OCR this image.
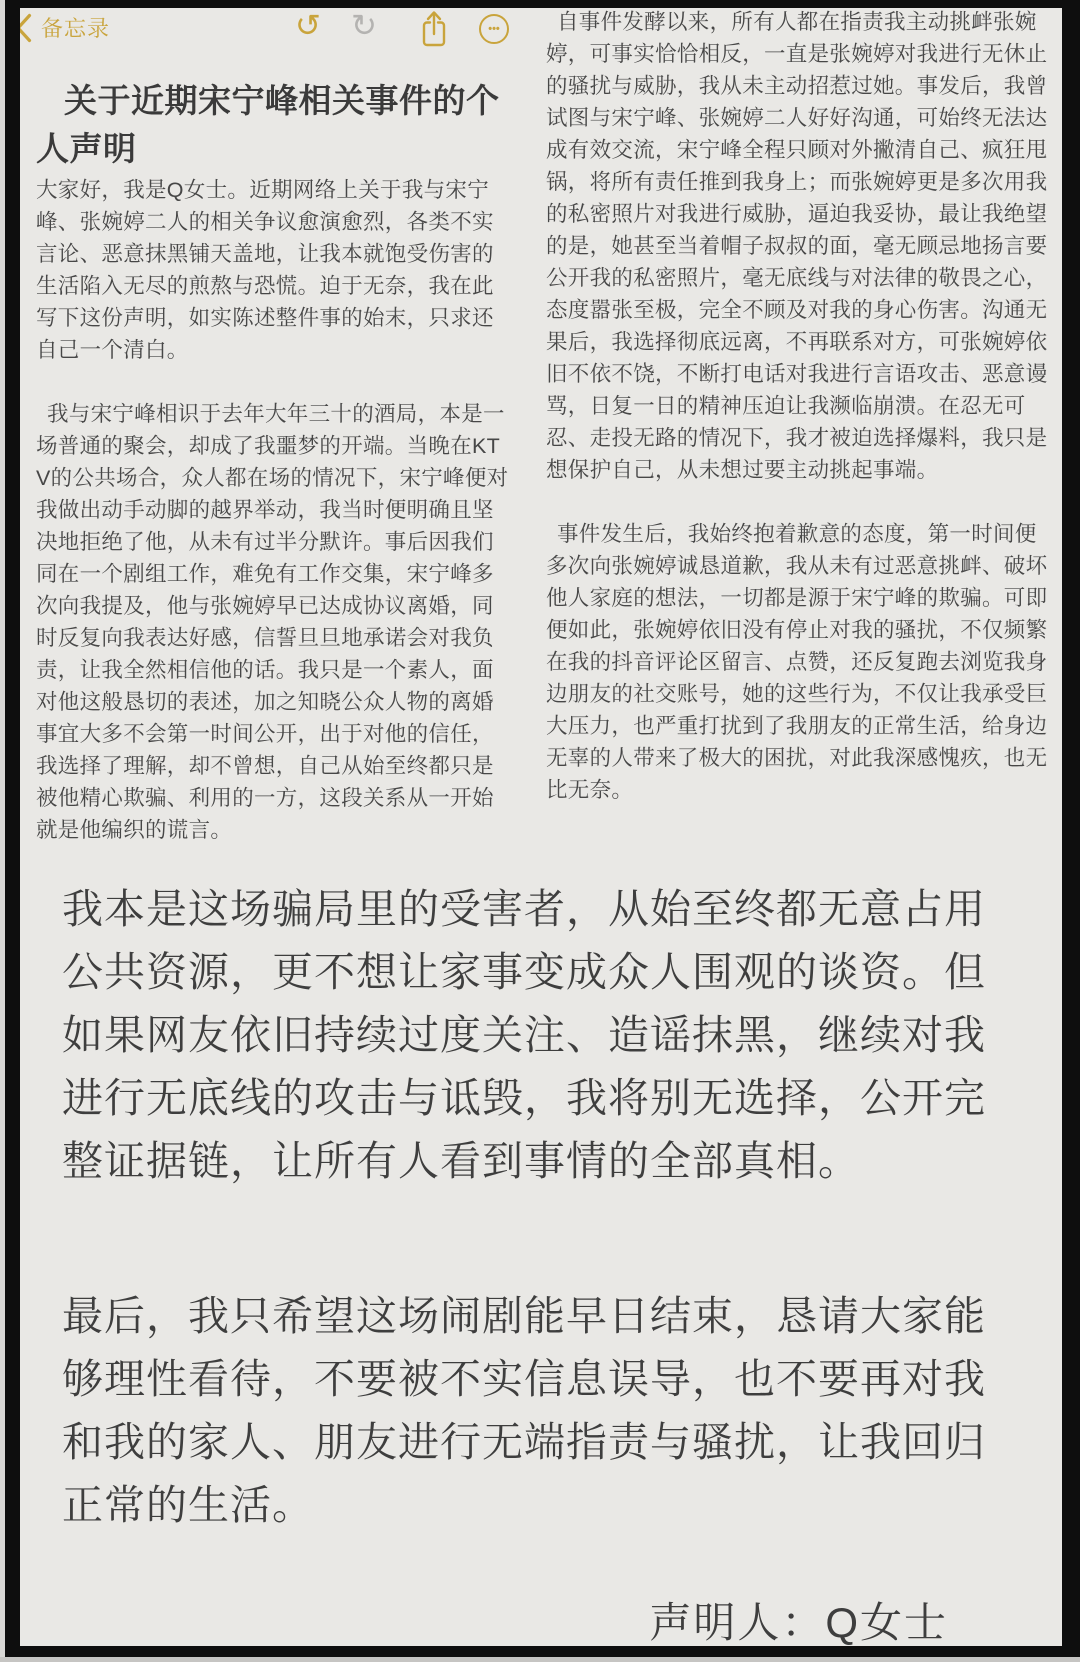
备忘录	↺ ↻	•••
关于近期宋宁峰相关事件的个人声明

大家好，我是Q女士。近期网络上关于我与宋宁峰、张婉婷二人的相关争议愈演愈烈，各类不实言论、恶意抹黑铺天盖地，让我本就饱受伤害的生活陷入无尽的煎熬与恐慌。迫于无奈，我在此写下这份声明，如实陈述整件事的始末，只求还自己一个清白。

我与宋宁峰相识于去年大年三十的酒局，本是一场普通的聚会，却成了我噩梦的开端。当晚在KTV的公共场合，众人都在场的情况下，宋宁峰便对我做出动手动脚的越界举动，我当时便明确且坚决地拒绝了他，从未有过半分默许。事后因我们同在一个剧组工作，难免有工作交集，宋宁峰多次向我提及，他与张婉婷早已达成协议离婚，同时反复向我表达好感，信誓旦旦地承诺会对我负责，让我全然相信他的话。我只是一个素人，面对他这般恳切的表述，加之知晓公众人物的离婚事宜大多不会第一时间公开，出于对他的信任，我选择了理解，却不曾想，自己从始至终都只是被他精心欺骗、利用的一方，这段关系从一开始就是他编织的谎言。

自事件发酵以来，所有人都在指责我主动挑衅张婉婷，可事实恰恰相反，一直是张婉婷对我进行无休止的骚扰与威胁，我从未主动招惹过她。事发后，我曾试图与宋宁峰、张婉婷二人好好沟通，可始终无法达成有效交流，宋宁峰全程只顾对外撇清自己、疯狂甩锅，将所有责任推到我身上；而张婉婷更是多次用我的私密照片对我进行威胁，逼迫我妥协，最让我绝望的是，她甚至当着帽子叔叔的面，毫无顾忌地扬言要公开我的私密照片，毫无底线与对法律的敬畏之心，态度嚣张至极，完全不顾及对我的身心伤害。沟通无果后，我选择彻底远离，不再联系对方，可张婉婷依旧不依不饶，不断打电话对我进行言语攻击、恶意谩骂，日复一日的精神压迫让我濒临崩溃。在忍无可忍、走投无路的情况下，我才被迫选择爆料，我只是想保护自己，从未想过要主动挑起事端。

事件发生后，我始终抱着歉意的态度，第一时间便多次向张婉婷诚恳道歉，我从未有过恶意挑衅、破坏他人家庭的想法，一切都是源于宋宁峰的欺骗。可即便如此，张婉婷依旧没有停止对我的骚扰，不仅频繁在我的抖音评论区留言、点赞，还反复跑去浏览我身边朋友的社交账号，她的这些行为，不仅让我承受巨大压力，也严重打扰到了我朋友的正常生活，给身边无辜的人带来了极大的困扰，对此我深感愧疚，也无比无奈。

我本是这场骗局里的受害者，从始至终都无意占用公共资源，更不想让家事变成众人围观的谈资。但如果网友依旧持续过度关注、造谣抹黑，继续对我进行无底线的攻击与诋毁，我将别无选择，公开完整证据链，让所有人看到事情的全部真相。

最后，我只希望这场闹剧能早日结束，恳请大家能够理性看待，不要被不实信息误导，也不要再对我和我的家人、朋友进行无端指责与骚扰，让我回归正常的生活。

声明人：Q女士
